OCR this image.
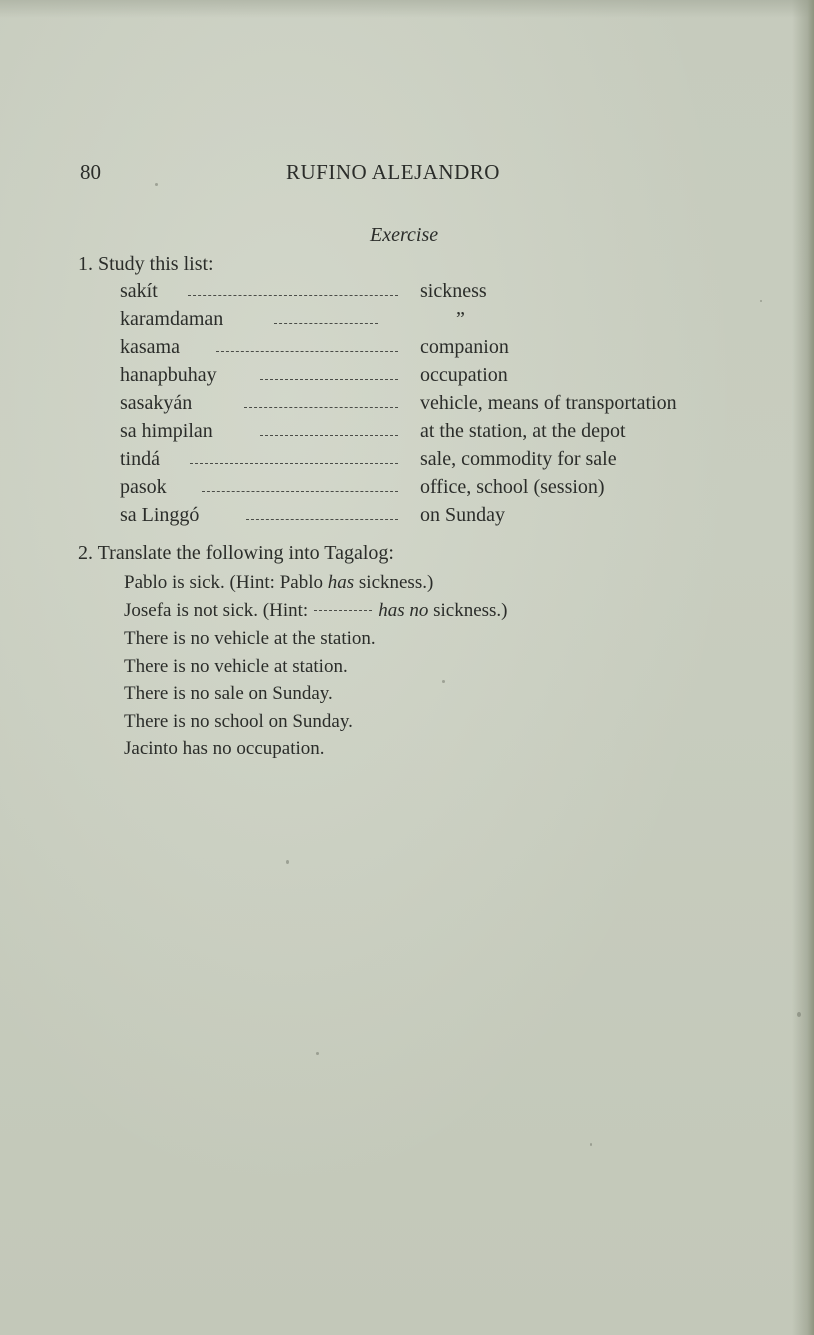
80	RUFINO ALEJANDRO
Exercise
1. Study this list:
sakít	sickness
karamdaman	”
kasama	companion
hanapbuhay	occupation
sasakyán	vehicle, means of transportation
sa himpilan	at the station, at the depot
tindá	sale, commodity for sale
pasok	office, school (session)
sa Linggó	on Sunday
2. Translate the following into Tagalog:
Pablo is sick. (Hint: Pablo has sickness.)
Josefa is not sick. (Hint:	has no sickness.)
There is no vehicle at the station.
There is no vehicle at station.
There is no sale on Sunday.
There is no school on Sunday.
Jacinto has no occupation.
